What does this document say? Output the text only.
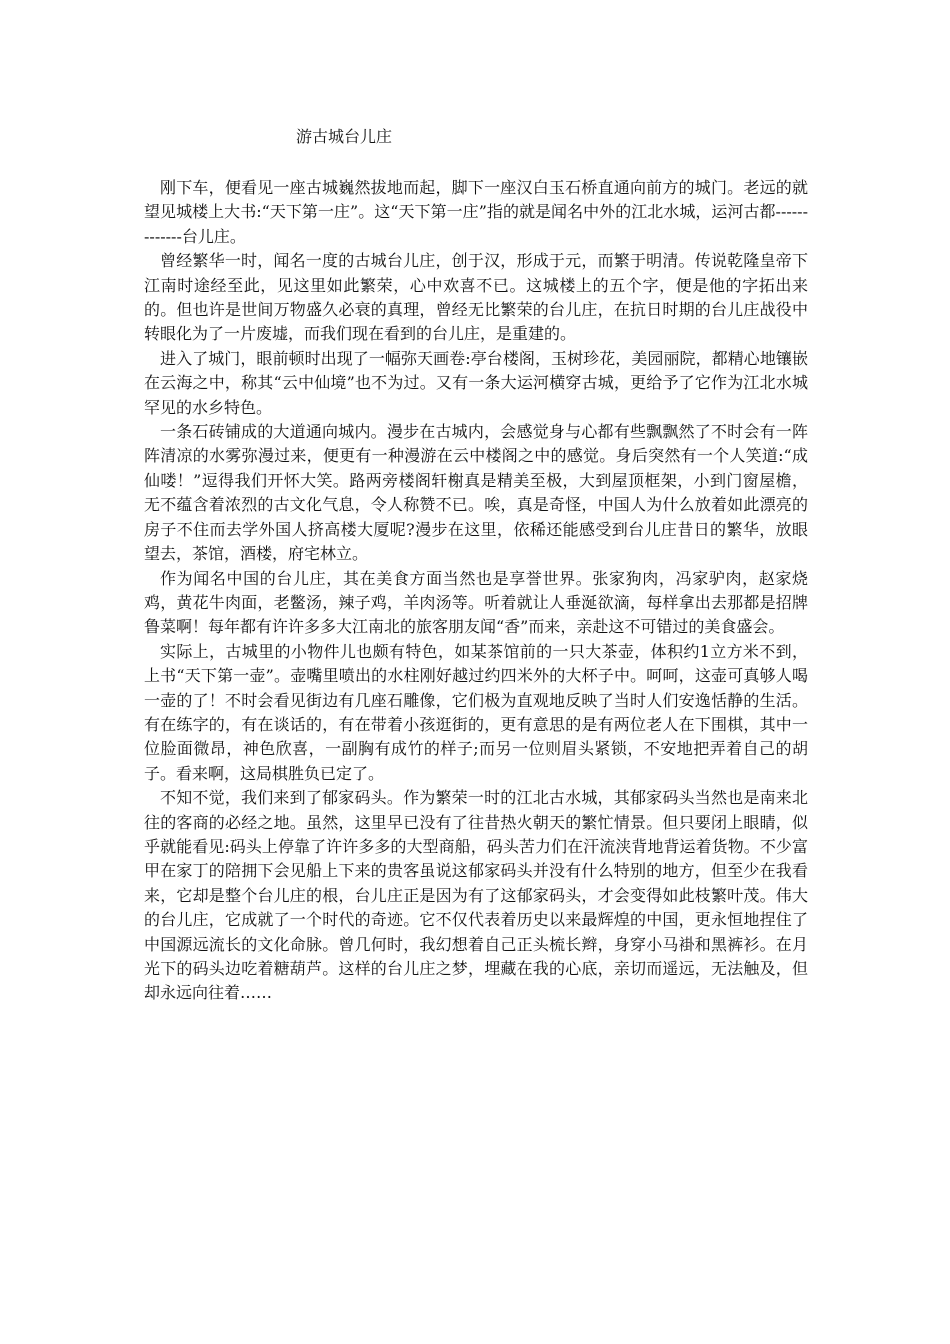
游古城台儿庄

刚下车，便看见一座古城巍然拔地而起，脚下一座汉白玉石桥直通向前方的城门。老远的就望见城楼上大书:“天下第一庄”。这“天下第一庄”指的就是闻名中外的江北水城，运河古都-------------台儿庄。

曾经繁华一时，闻名一度的古城台儿庄，创于汉，形成于元，而繁于明清。传说乾隆皇帝下江南时途经至此，见这里如此繁荣，心中欢喜不已。这城楼上的五个字，便是他的字拓出来的。但也许是世间万物盛久必衰的真理，曾经无比繁荣的台儿庄，在抗日时期的台儿庄战役中转眼化为了一片废墟，而我们现在看到的台儿庄，是重建的。

进入了城门，眼前顿时出现了一幅弥天画卷:亭台楼阁，玉树珍花，美园丽院，都精心地镶嵌在云海之中，称其“云中仙境”也不为过。又有一条大运河横穿古城，更给予了它作为江北水城罕见的水乡特色。

一条石砖铺成的大道通向城内。漫步在古城内，会感觉身与心都有些飘飘然了不时会有一阵阵清凉的水雾弥漫过来，便更有一种漫游在云中楼阁之中的感觉。身后突然有一个人笑道:“成仙喽！”逗得我们开怀大笑。路两旁楼阁轩榭真是精美至极，大到屋顶框架，小到门窗屋檐，无不蕴含着浓烈的古文化气息，令人称赞不已。唉，真是奇怪，中国人为什么放着如此漂亮的房子不住而去学外国人挤高楼大厦呢?漫步在这里，依稀还能感受到台儿庄昔日的繁华，放眼望去，茶馆，酒楼，府宅林立。

作为闻名中国的台儿庄，其在美食方面当然也是享誉世界。张家狗肉，冯家驴肉，赵家烧鸡，黄花牛肉面，老鳖汤，辣子鸡，羊肉汤等。听着就让人垂涎欲滴，每样拿出去那都是招牌鲁菜啊！每年都有许许多多大江南北的旅客朋友闻“香”而来，亲赴这不可错过的美食盛会。

实际上，古城里的小物件儿也颇有特色，如某茶馆前的一只大茶壶，体积约1立方米不到，上书“天下第一壶”。壶嘴里喷出的水柱刚好越过约四米外的大杯子中。呵呵，这壶可真够人喝一壶的了！不时会看见街边有几座石雕像，它们极为直观地反映了当时人们安逸恬静的生活。有在练字的，有在谈话的，有在带着小孩逛街的，更有意思的是有两位老人在下围棋，其中一位脸面微昂，神色欣喜，一副胸有成竹的样子;而另一位则眉头紧锁，不安地把弄着自己的胡子。看来啊，这局棋胜负已定了。

不知不觉，我们来到了郁家码头。作为繁荣一时的江北古水城，其郁家码头当然也是南来北往的客商的必经之地。虽然，这里早已没有了往昔热火朝天的繁忙情景。但只要闭上眼睛，似乎就能看见:码头上停靠了许许多多的大型商船，码头苦力们在汗流浃背地背运着货物。不少富甲在家丁的陪拥下会见船上下来的贵客虽说这郁家码头并没有什么特别的地方，但至少在我看来，它却是整个台儿庄的根，台儿庄正是因为有了这郁家码头，才会变得如此枝繁叶茂。伟大的台儿庄，它成就了一个时代的奇迹。它不仅代表着历史以来最辉煌的中国，更永恒地捏住了中国源远流长的文化命脉。曾几何时，我幻想着自己正头梳长辫，身穿小马褂和黑裤衫。在月光下的码头边吃着糖葫芦。这样的台儿庄之梦，埋藏在我的心底，亲切而遥远，无法触及，但却永远向往着……
